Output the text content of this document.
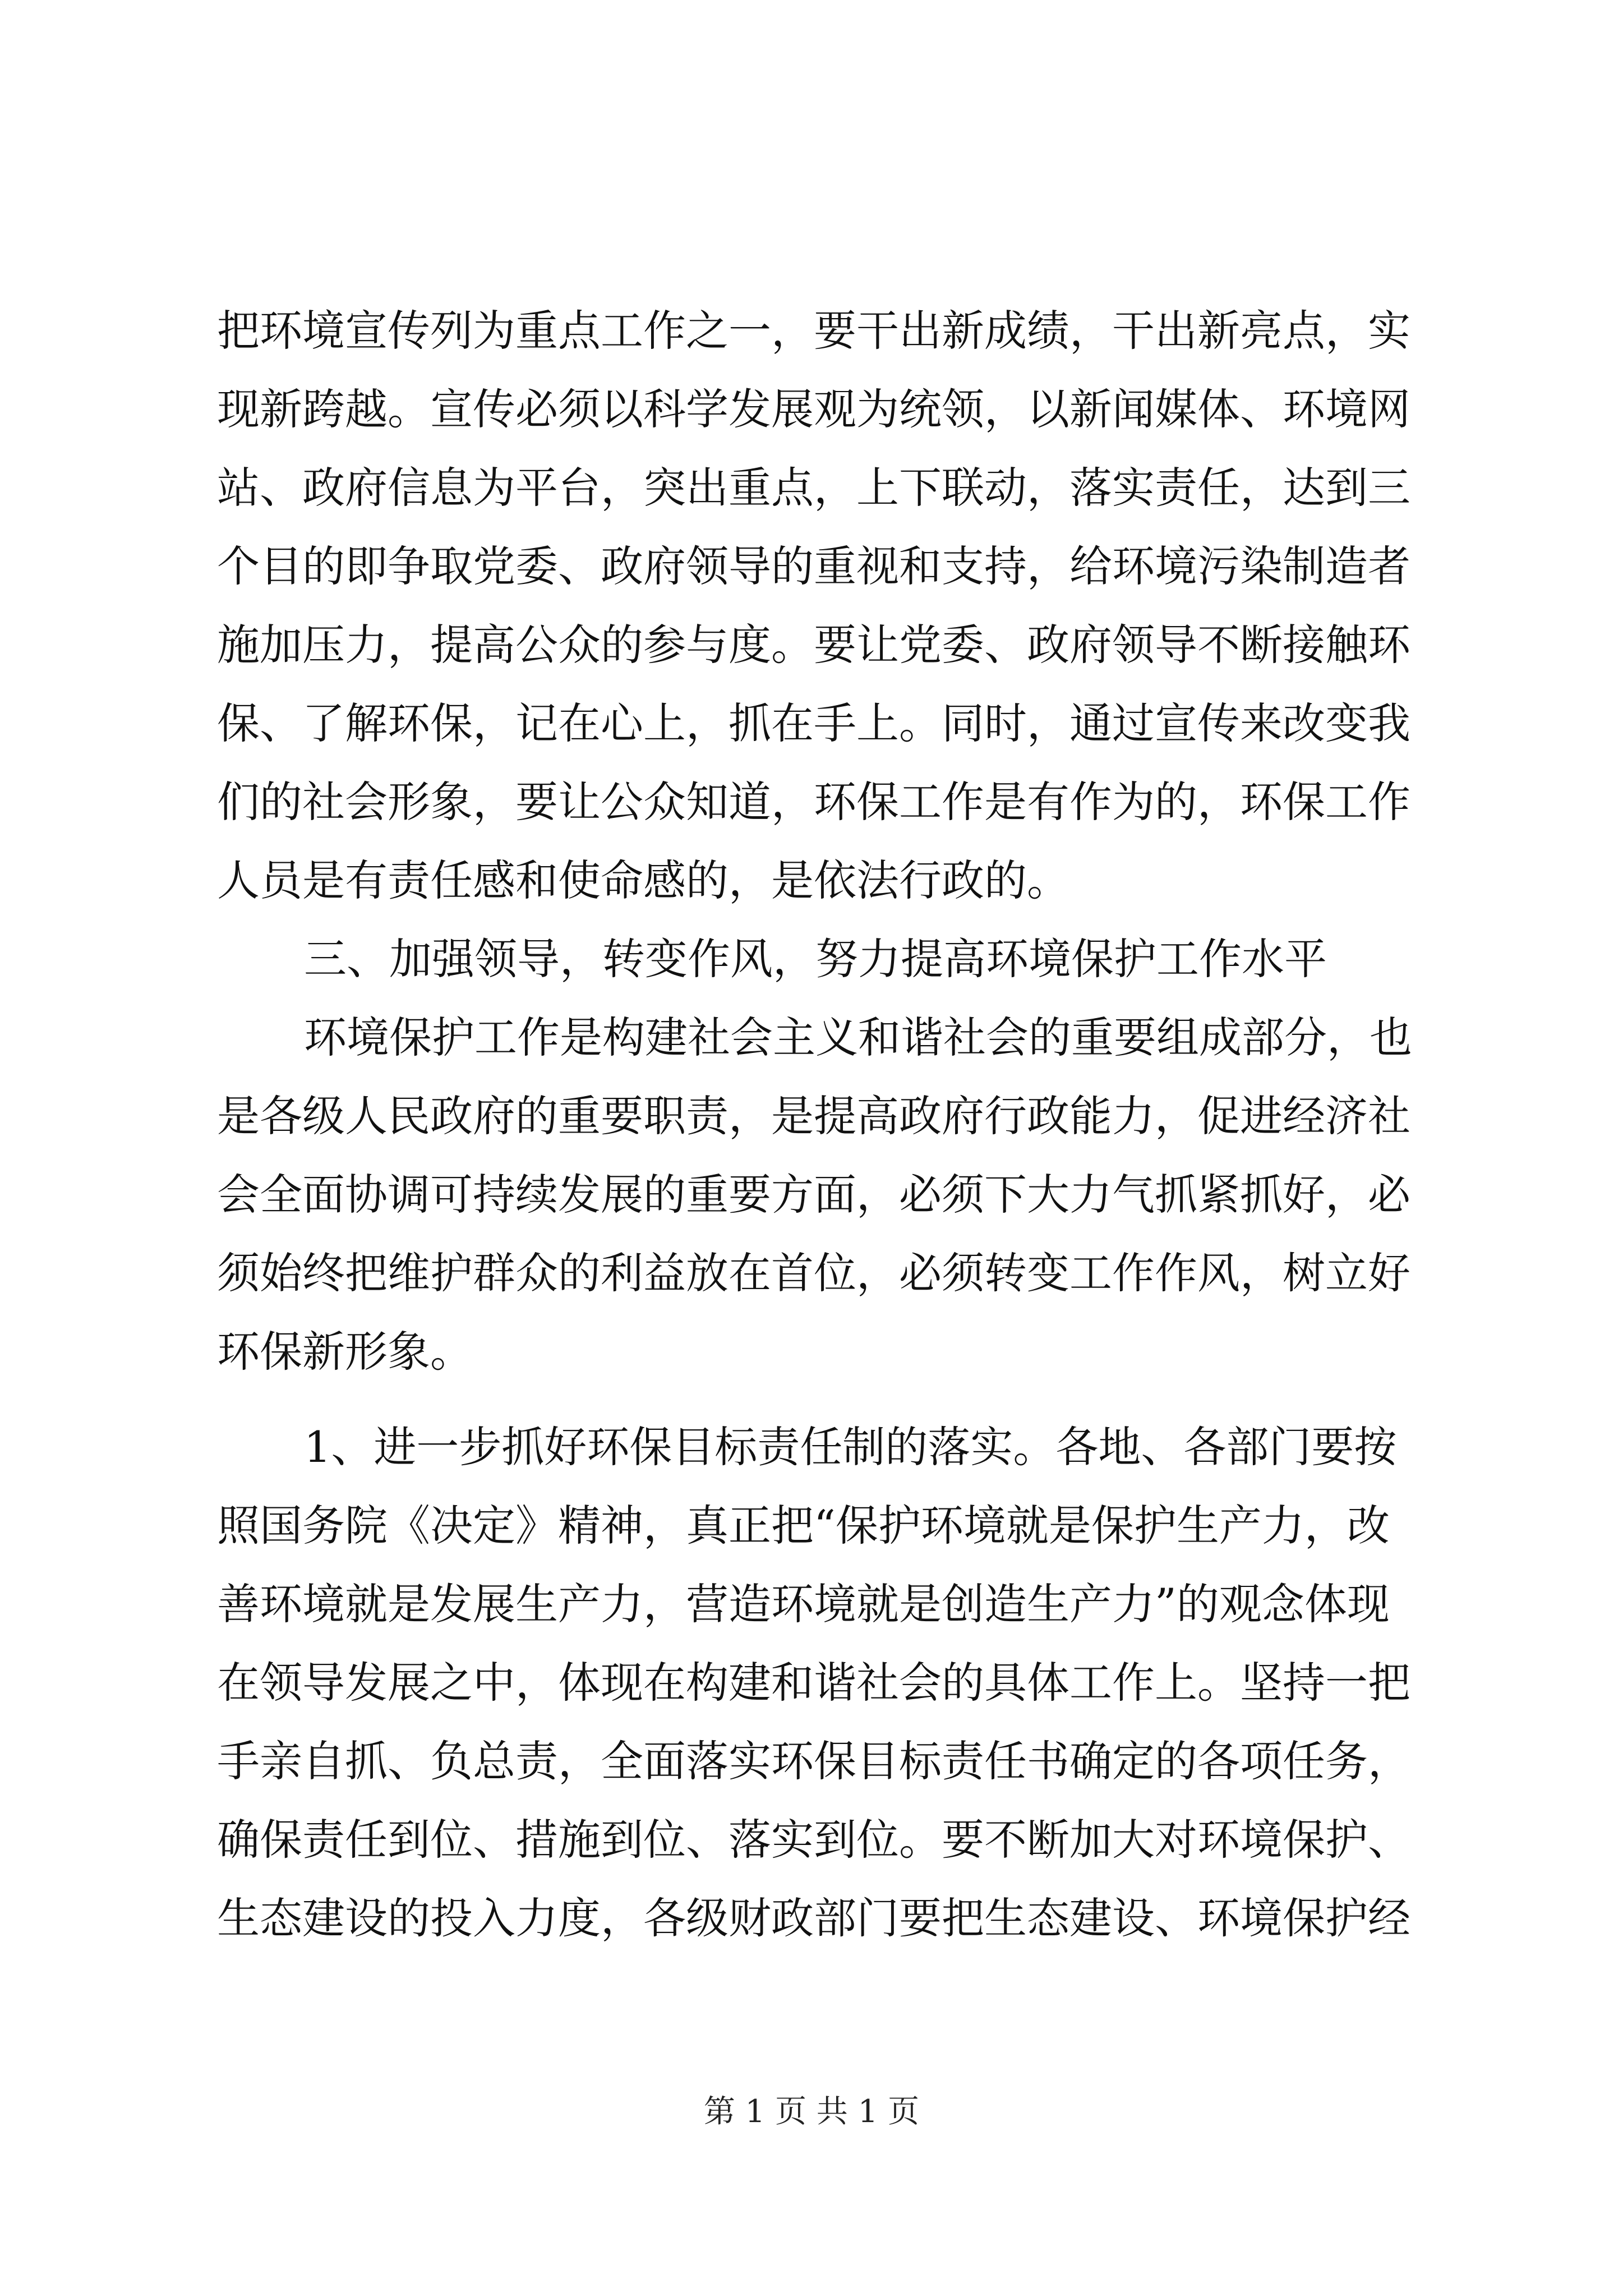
把环境宣传列为重点工作之一，要干出新成绩，干出新亮点，实
现新跨越。宣传必须以科学发展观为统领，以新闻媒体、环境网
站、政府信息为平台，突出重点，上下联动，落实责任，达到三
个目的即争取党委、政府领导的重视和支持，给环境污染制造者
施加压力，提高公众的参与度。要让党委、政府领导不断接触环
保、了解环保，记在心上，抓在手上。同时，通过宣传来改变我
们的社会形象，要让公众知道，环保工作是有作为的，环保工作
人员是有责任感和使命感的，是依法行政的。
三、加强领导，转变作风，努力提高环境保护工作水平
环境保护工作是构建社会主义和谐社会的重要组成部分，也
是各级人民政府的重要职责，是提高政府行政能力，促进经济社
会全面协调可持续发展的重要方面，必须下大力气抓紧抓好，必
须始终把维护群众的利益放在首位，必须转变工作作风，树立好
环保新形象。
1、进一步抓好环保目标责任制的落实。各地、各部门要按
照国务院《决定》精神，真正把“保护环境就是保护生产力，改
善环境就是发展生产力，营造环境就是创造生产力”的观念体现
在领导发展之中，体现在构建和谐社会的具体工作上。坚持一把
手亲自抓、负总责，全面落实环保目标责任书确定的各项任务，
确保责任到位、措施到位、落实到位。要不断加大对环境保护、
生态建设的投入力度，各级财政部门要把生态建设、环境保护经
第 1 页 共 1 页
